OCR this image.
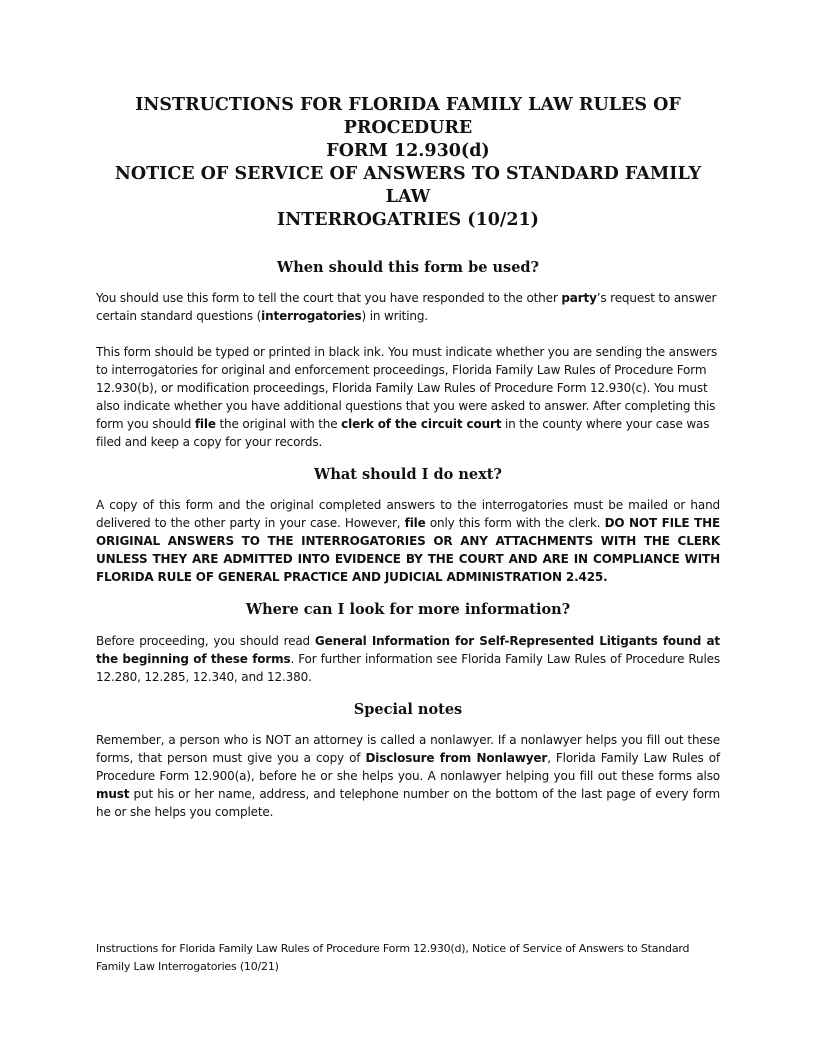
INSTRUCTIONS FOR FLORIDA FAMILY LAW RULES OF PROCEDURE
FORM 12.930(d)
NOTICE OF SERVICE OF ANSWERS TO STANDARD FAMILY LAW
INTERROGATRIES (10/21)
When should this form be used?

You should use this form to tell the court that you have responded to the other party’s request to answer certain standard questions (interrogatories) in writing.

This form should be typed or printed in black ink. You must indicate whether you are sending the answers to interrogatories for original and enforcement proceedings, Florida Family Law Rules of Procedure Form 12.930(b), or modification proceedings, Florida Family Law Rules of Procedure Form 12.930(c). You must also indicate whether you have additional questions that you were asked to answer. After completing this form you should file the original with the clerk of the circuit court in the county where your case was filed and keep a copy for your records.

What should I do next?

A copy of this form and the original completed answers to the interrogatories must be mailed or hand delivered to the other party in your case. However, file only this form with the clerk. DO NOT FILE THE ORIGINAL ANSWERS TO THE INTERROGATORIES OR ANY ATTACHMENTS WITH THE CLERK UNLESS THEY ARE ADMITTED INTO EVIDENCE BY THE COURT AND ARE IN COMPLIANCE WITH FLORIDA RULE OF GENERAL PRACTICE AND JUDICIAL ADMINISTRATION 2.425.

Where can I look for more information?

Before proceeding, you should read General Information for Self-Represented Litigants found at the beginning of these forms. For further information see Florida Family Law Rules of Procedure Rules 12.280, 12.285, 12.340, and 12.380.

Special notes

Remember, a person who is NOT an attorney is called a nonlawyer. If a nonlawyer helps you fill out these forms, that person must give you a copy of Disclosure from Nonlawyer, Florida Family Law Rules of Procedure Form 12.900(a), before he or she helps you. A nonlawyer helping you fill out these forms also must put his or her name, address, and telephone number on the bottom of the last page of every form he or she helps you complete.

Instructions for Florida Family Law Rules of Procedure Form 12.930(d), Notice of Service of Answers to Standard
Family Law Interrogatories (10/21)
